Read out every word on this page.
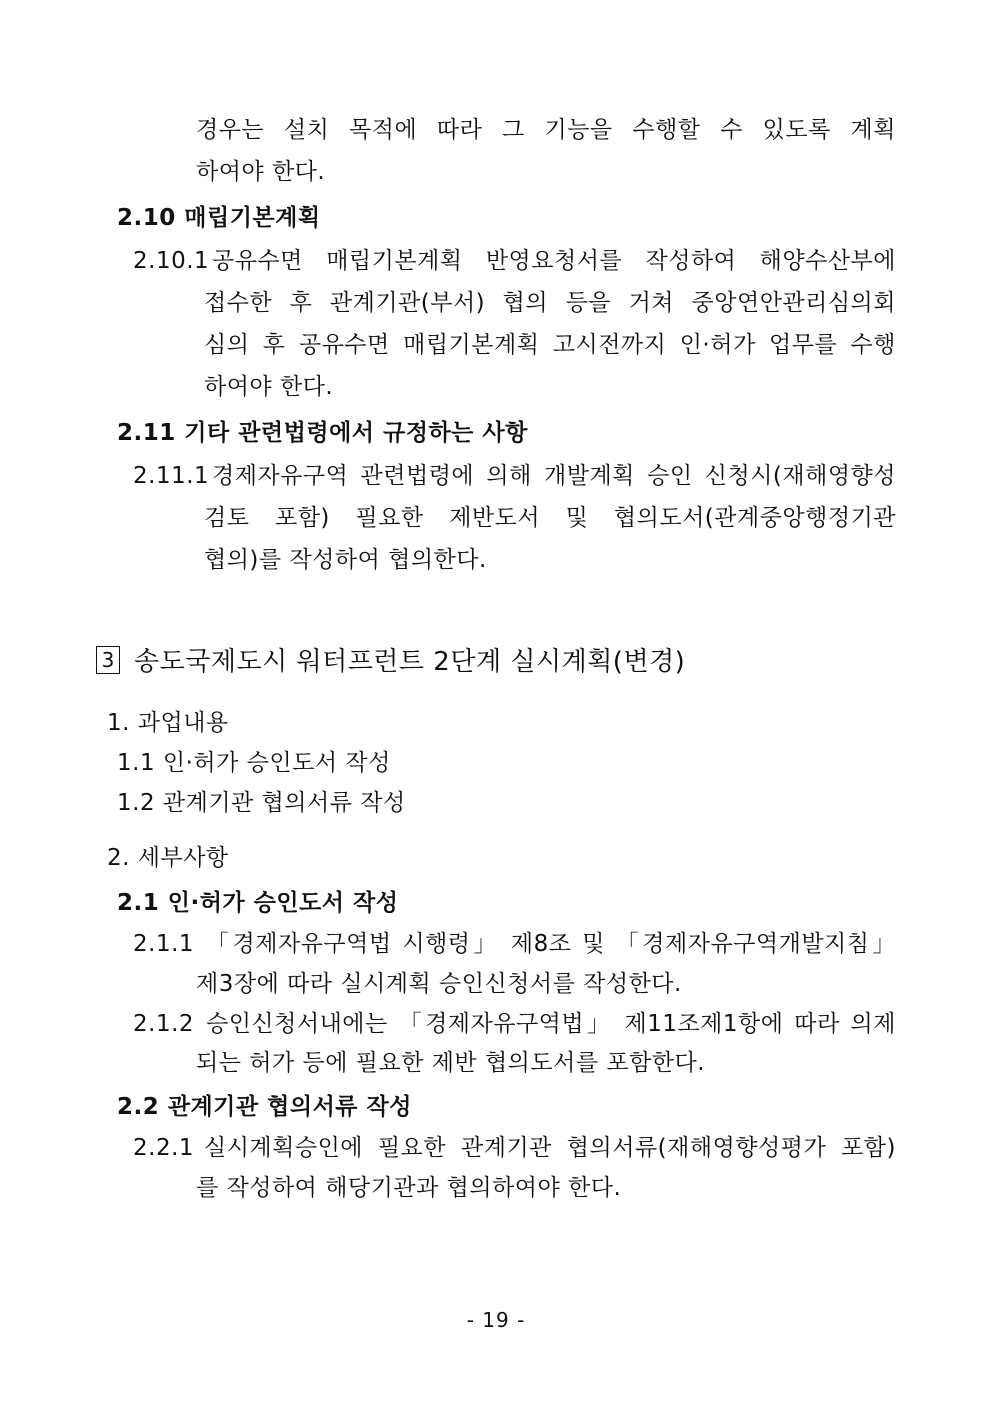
경우는 설치 목적에 따라 그 기능을 수행할 수 있도록 계획
하여야 한다.
2.10 매립기본계획
2.10.1 공유수면 매립기본계획 반영요청서를 작성하여 해양수산부에
접수한 후 관계기관(부서) 협의 등을 거쳐 중앙연안관리심의회
심의 후 공유수면 매립기본계획 고시전까지 인·허가 업무를 수행
하여야 한다.
2.11 기타 관련법령에서 규정하는 사항
2.11.1 경제자유구역 관련법령에 의해 개발계획 승인 신청시(재해영향성
검토 포함) 필요한 제반도서 및 협의도서(관계중앙행정기관
협의)를 작성하여 협의한다.
3 송도국제도시 워터프런트 2단계 실시계획(변경)
1. 과업내용
1.1 인·허가 승인도서 작성
1.2 관계기관 협의서류 작성
2. 세부사항
2.1 인·허가 승인도서 작성
2.1.1 「경제자유구역법 시행령」 제8조 및 「경제자유구역개발지침」
제3장에 따라 실시계획 승인신청서를 작성한다.
2.1.2 승인신청서내에는 「경제자유구역법」 제11조제1항에 따라 의제
되는 허가 등에 필요한 제반 협의도서를 포함한다.
2.2 관계기관 협의서류 작성
2.2.1 실시계획승인에 필요한 관계기관 협의서류(재해영향성평가 포함)
를 작성하여 해당기관과 협의하여야 한다.
- 19 -
